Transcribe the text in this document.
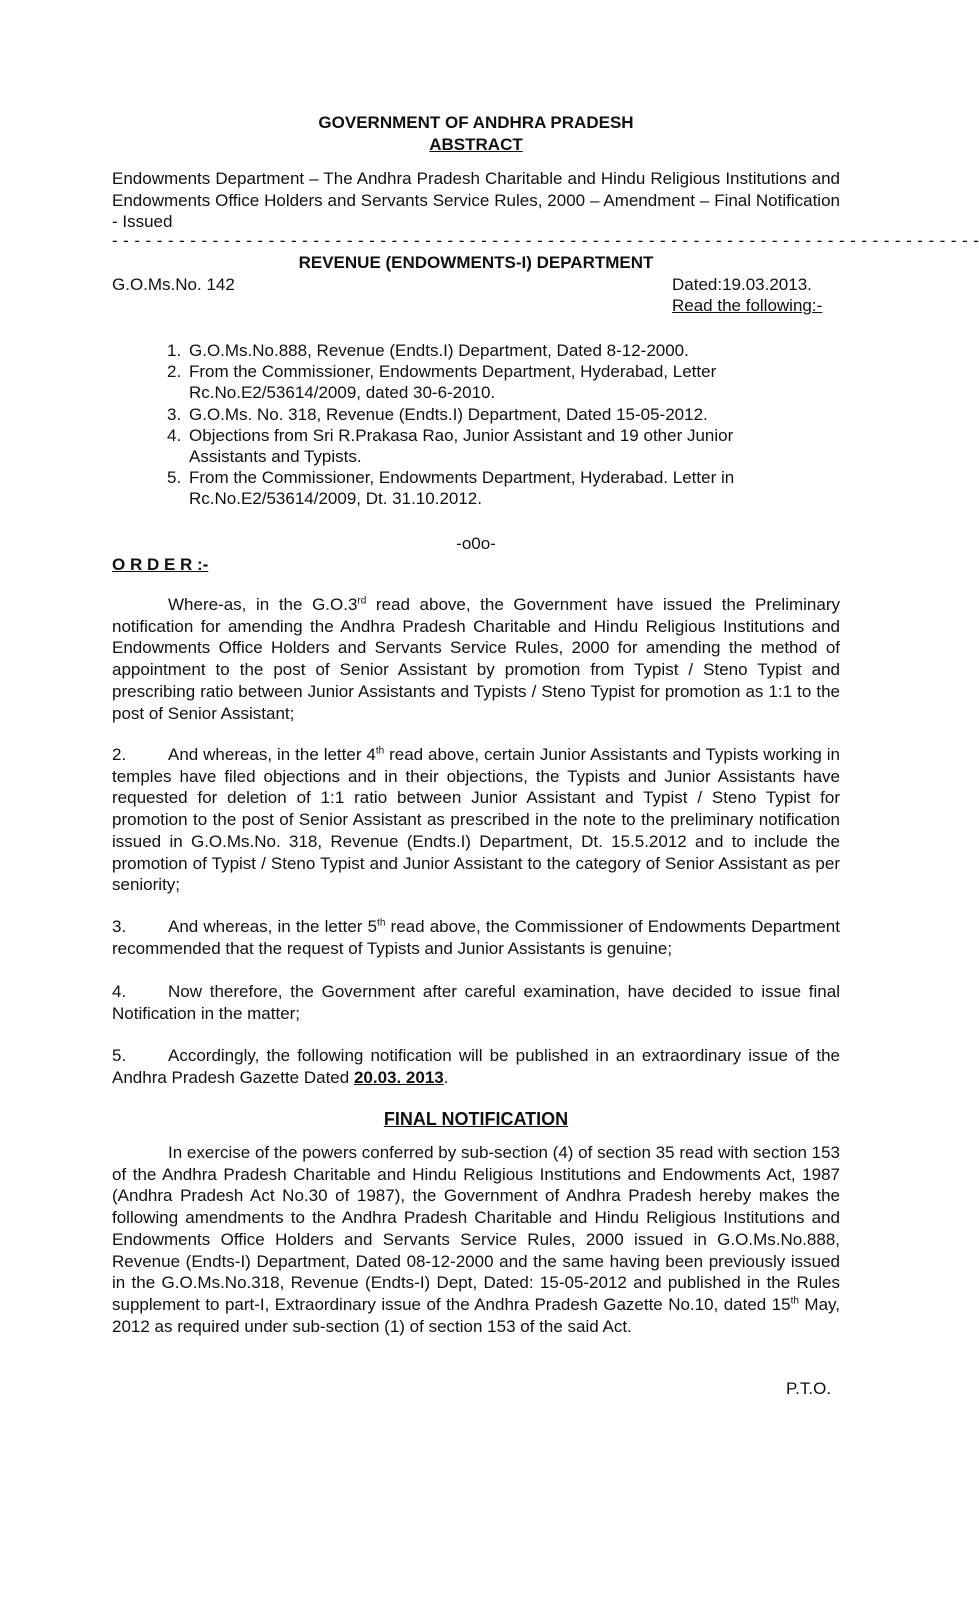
GOVERNMENT OF ANDHRA PRADESH
ABSTRACT
Endowments Department – The Andhra Pradesh Charitable and Hindu Religious Institutions and Endowments Office Holders and Servants Service Rules, 2000 – Amendment – Final Notification - Issued
- - - - - - - - - - - - - - - - - - - - - - - - - - - - - - - - - - - - - - - - - - - - - - - - - - - - - - - - - - - - - - - - - - - - - - - - - - - - - -
REVENUE (ENDOWMENTS-I) DEPARTMENT
G.O.Ms.No. 142	Dated:19.03.2013.
Read the following:-
1. G.O.Ms.No.888, Revenue (Endts.I) Department, Dated 8-12-2000.
2. From the Commissioner, Endowments Department, Hyderabad, Letter Rc.No.E2/53614/2009, dated 30-6-2010.
3. G.O.Ms. No. 318, Revenue (Endts.I) Department, Dated 15-05-2012.
4. Objections from Sri R.Prakasa Rao, Junior Assistant and 19 other Junior Assistants and Typists.
5. From the Commissioner, Endowments Department, Hyderabad. Letter in Rc.No.E2/53614/2009, Dt. 31.10.2012.
-o0o-
O R D E R :-
Where-as, in the G.O.3rd read above, the Government have issued the Preliminary notification for amending the Andhra Pradesh Charitable and Hindu Religious Institutions and Endowments Office Holders and Servants Service Rules, 2000 for amending the method of appointment to the post of Senior Assistant by promotion from Typist / Steno Typist and prescribing ratio between Junior Assistants and Typists / Steno Typist for promotion as 1:1 to the post of Senior Assistant;
2. And whereas, in the letter 4th read above, certain Junior Assistants and Typists working in temples have filed objections and in their objections, the Typists and Junior Assistants have requested for deletion of 1:1 ratio between Junior Assistant and Typist / Steno Typist for promotion to the post of Senior Assistant as prescribed in the note to the preliminary notification issued in G.O.Ms.No. 318, Revenue (Endts.I) Department, Dt. 15.5.2012 and to include the promotion of Typist / Steno Typist and Junior Assistant to the category of Senior Assistant as per seniority;
3. And whereas, in the letter 5th read above, the Commissioner of Endowments Department recommended that the request of Typists and Junior Assistants is genuine;
4. Now therefore, the Government after careful examination, have decided to issue final Notification in the matter;
5. Accordingly, the following notification will be published in an extraordinary issue of the Andhra Pradesh Gazette Dated 20.03. 2013.
FINAL NOTIFICATION
In exercise of the powers conferred by sub-section (4) of section 35 read with section 153 of the Andhra Pradesh Charitable and Hindu Religious Institutions and Endowments Act, 1987 (Andhra Pradesh Act No.30 of 1987), the Government of Andhra Pradesh hereby makes the following amendments to the Andhra Pradesh Charitable and Hindu Religious Institutions and Endowments Office Holders and Servants Service Rules, 2000 issued in G.O.Ms.No.888, Revenue (Endts-I) Department, Dated 08-12-2000 and the same having been previously issued in the G.O.Ms.No.318, Revenue (Endts-I) Dept, Dated: 15-05-2012 and published in the Rules supplement to part-I, Extraordinary issue of the Andhra Pradesh Gazette No.10, dated 15th May, 2012 as required under sub-section (1) of section 153 of the said Act.
P.T.O.
